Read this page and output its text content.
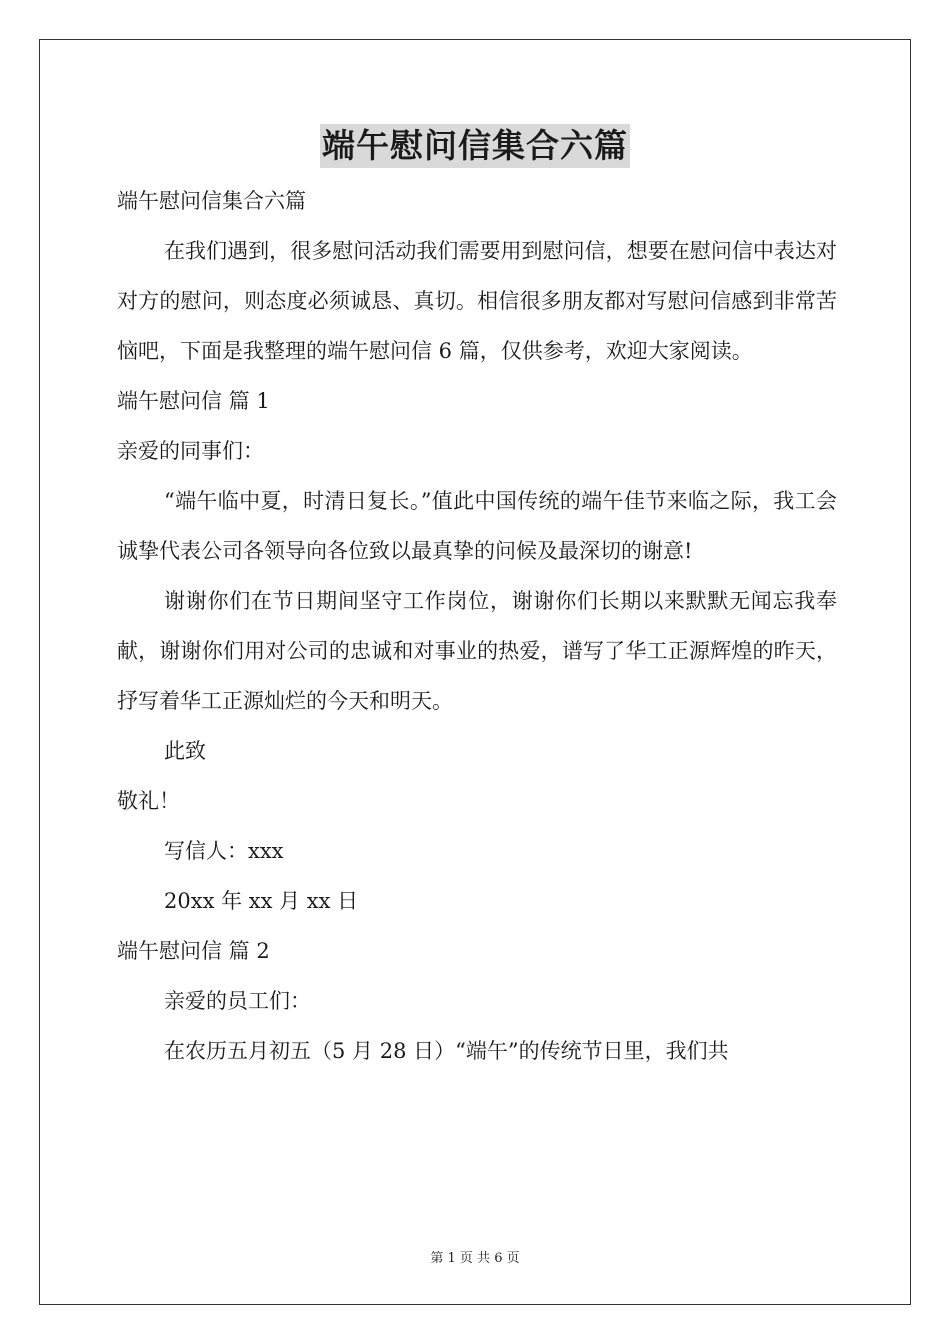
端午慰问信集合六篇
端午慰问信集合六篇
在我们遇到，很多慰问活动我们需要用到慰问信，想要在慰问信中表达对对方的慰问，则态度必须诚恳、真切。相信很多朋友都对写慰问信感到非常苦恼吧，下面是我整理的端午慰问信 6 篇，仅供参考，欢迎大家阅读。
端午慰问信 篇 1
亲爱的同事们：
“端午临中夏，时清日复长。”值此中国传统的端午佳节来临之际，我工会诚挚代表公司各领导向各位致以最真挚的问候及最深切的谢意!
谢谢你们在节日期间坚守工作岗位，谢谢你们长期以来默默无闻忘我奉献，谢谢你们用对公司的忠诚和对事业的热爱，谱写了华工正源辉煌的昨天，抒写着华工正源灿烂的今天和明天。
此致
敬礼！
写信人：xxx
20xx 年 xx 月 xx 日
端午慰问信 篇 2
亲爱的员工们：
在农历五月初五（5 月 28 日）“端午”的传统节日里，我们共
第 1 页 共 6 页
